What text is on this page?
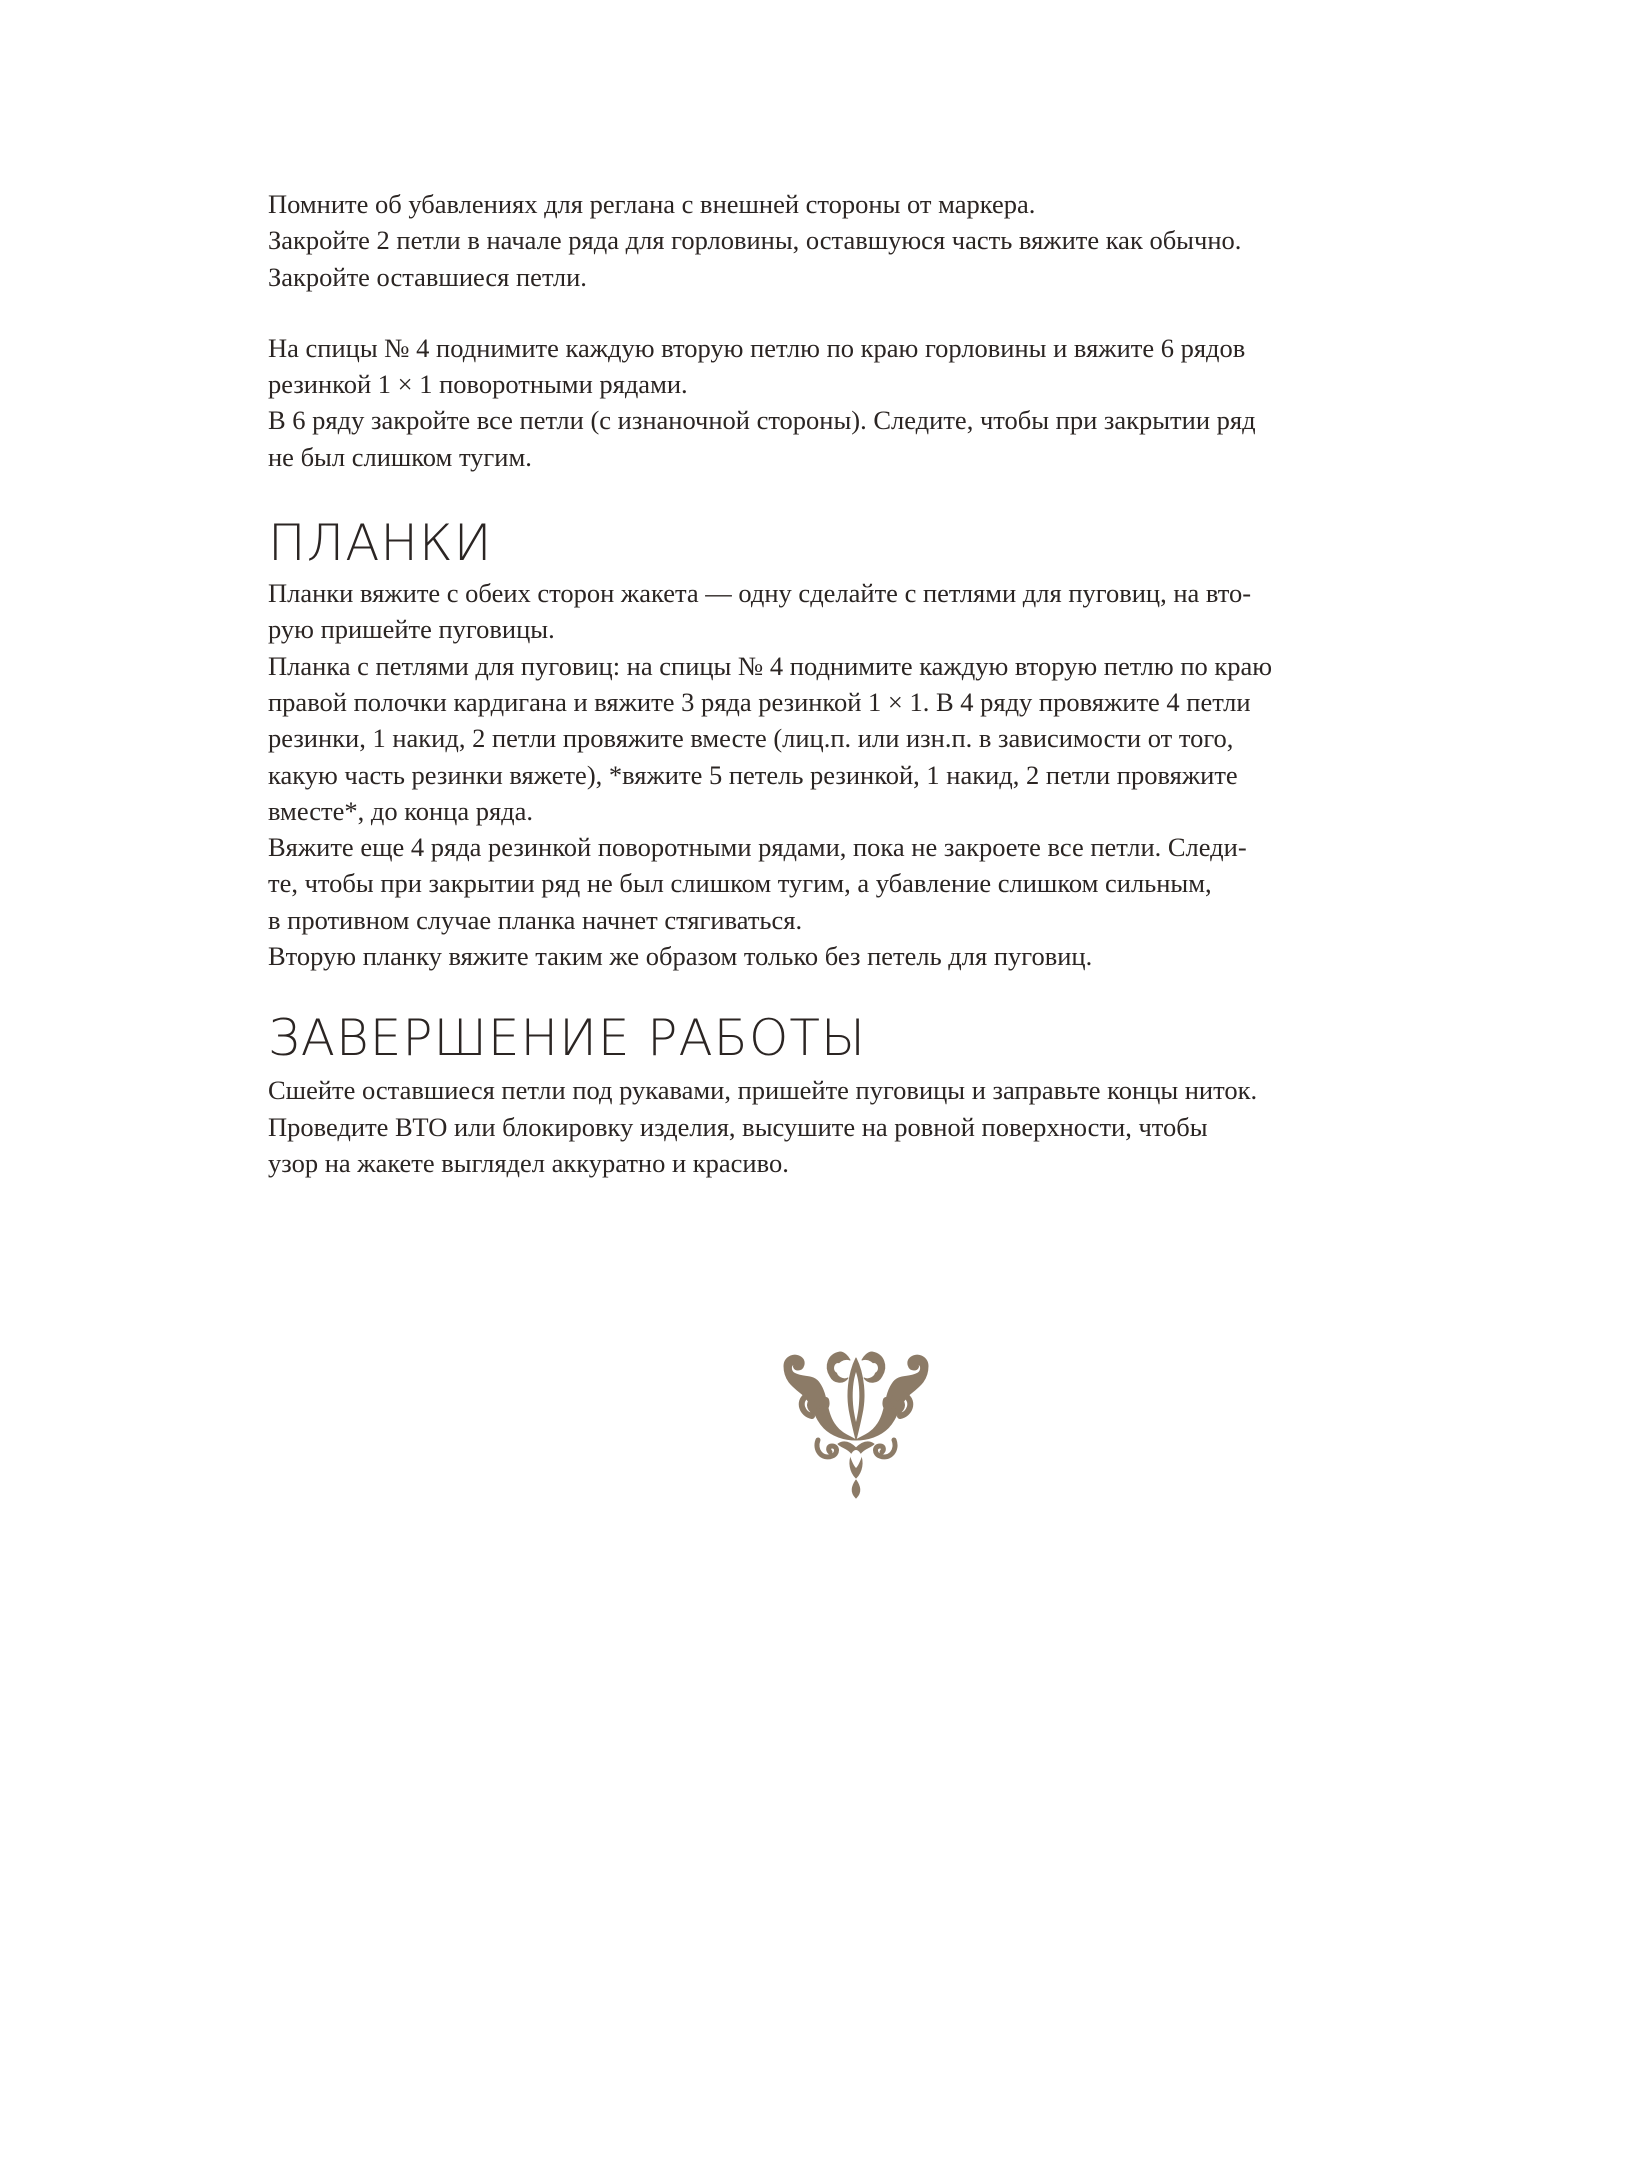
Помните об убавлениях для реглана с внешней стороны от маркера.
Закройте 2 петли в начале ряда для горловины, оставшуюся часть вяжите как обычно.
Закройте оставшиеся петли.
На спицы № 4 поднимите каждую вторую петлю по краю горловины и вяжите 6 рядов
резинкой 1 × 1 поворотными рядами.
В 6 ряду закройте все петли (с изнаночной стороны). Следите, чтобы при закрытии ряд
не был слишком тугим.
ПЛАНКИ
Планки вяжите с обеих сторон жакета — одну сделайте с петлями для пуговиц, на вто-
рую пришейте пуговицы.
Планка с петлями для пуговиц: на спицы № 4 поднимите каждую вторую петлю по краю
правой полочки кардигана и вяжите 3 ряда резинкой 1 × 1. В 4 ряду провяжите 4 петли
резинки, 1 накид, 2 петли провяжите вместе (лиц.п. или изн.п. в зависимости от того,
какую часть резинки вяжете), *вяжите 5 петель резинкой, 1 накид, 2 петли провяжите
вместе*, до конца ряда.
Вяжите еще 4 ряда резинкой поворотными рядами, пока не закроете все петли. Следи-
те, чтобы при закрытии ряд не был слишком тугим, а убавление слишком сильным,
в противном случае планка начнет стягиваться.
Вторую планку вяжите таким же образом только без петель для пуговиц.
ЗАВЕРШЕНИЕ РАБОТЫ
Сшейте оставшиеся петли под рукавами, пришейте пуговицы и заправьте концы ниток.
Проведите ВТО или блокировку изделия, высушите на ровной поверхности, чтобы
узор на жакете выглядел аккуратно и красиво.
